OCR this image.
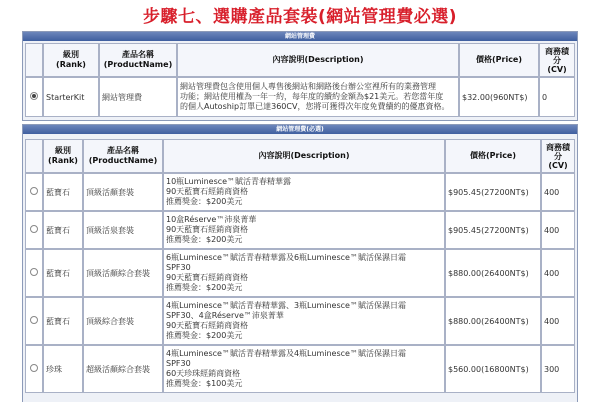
步驟七、選購產品套裝(網站管理費必選)
網站管理費
	級別
(Rank)	產品名稱
(ProductName)	內容說明(Description)	價格(Price)	商務積分
(CV)
	StarterKit	網站管理費	網站管理費包含使用個人專售後網站和網路後台辦公室裡所有的業務管理
功能；網站使用權為一年一約，每年度的續約金額為$21美元。若您當年度
的個人Autoship訂單已達360CV，您將可獲得次年度免費續約的優惠資格。	$32.00(960NT$)	0
網站管理費(必選)
	級別
(Rank)	產品名稱
(ProductName)	內容說明(Description)	價格(Price)	商務積分
(CV)
	藍寶石	頂級活顏套裝	10瓶Luminesce™賦活青春精華露
90天藍寶石經銷商資格
推薦獎金：$200美元	$905.45(27200NT$)	400
	藍寶石	頂級活泉套裝	10盒Réserve™沛泉菁華
90天藍寶石經銷商資格
推薦獎金：$200美元	$905.45(27200NT$)	400
	藍寶石	頂級活顏綜合套裝	6瓶Luminesce™賦活青春精華露及6瓶Luminesce™賦活保濕日霜
SPF30
90天藍寶石經銷商資格
推薦獎金：$200美元	$880.00(26400NT$)	400
	藍寶石	頂級綜合套裝	4瓶Luminesce™賦活青春精華露、3瓶Luminesce™賦活保濕日霜
SPF30、4盒Réserve™沛泉菁華
90天藍寶石經銷商資格
推薦獎金：$200美元	$880.00(26400NT$)	400
	珍珠	超級活顏綜合套裝	4瓶Luminesce™賦活青春精華露及4瓶Luminesce™賦活保濕日霜
SPF30
60天珍珠經銷商資格
推薦獎金：$100美元	$560.00(16800NT$)	300
